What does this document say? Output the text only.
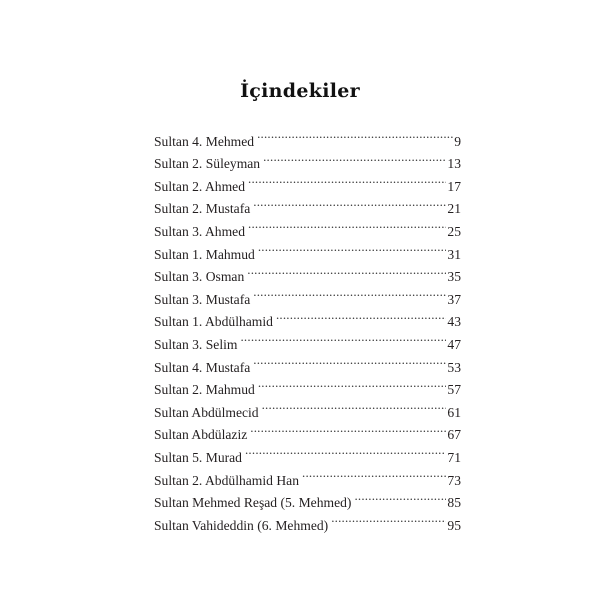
İçindekiler
Sultan 4. Mehmed .....	9
Sultan 2. Süleyman .....	13
Sultan 2. Ahmed .....	17
Sultan 2. Mustafa .....	21
Sultan 3. Ahmed .....	25
Sultan 1. Mahmud .....	31
Sultan 3. Osman .....	35
Sultan 3. Mustafa .....	37
Sultan 1. Abdülhamid .....	43
Sultan 3. Selim .....	47
Sultan 4. Mustafa .....	53
Sultan 2. Mahmud .....	57
Sultan Abdülmecid .....	61
Sultan Abdülaziz .....	67
Sultan 5. Murad .....	71
Sultan 2. Abdülhamid Han .....	73
Sultan Mehmed Reşad (5. Mehmed) .....	85
Sultan Vahideddin (6. Mehmed) .....	95
